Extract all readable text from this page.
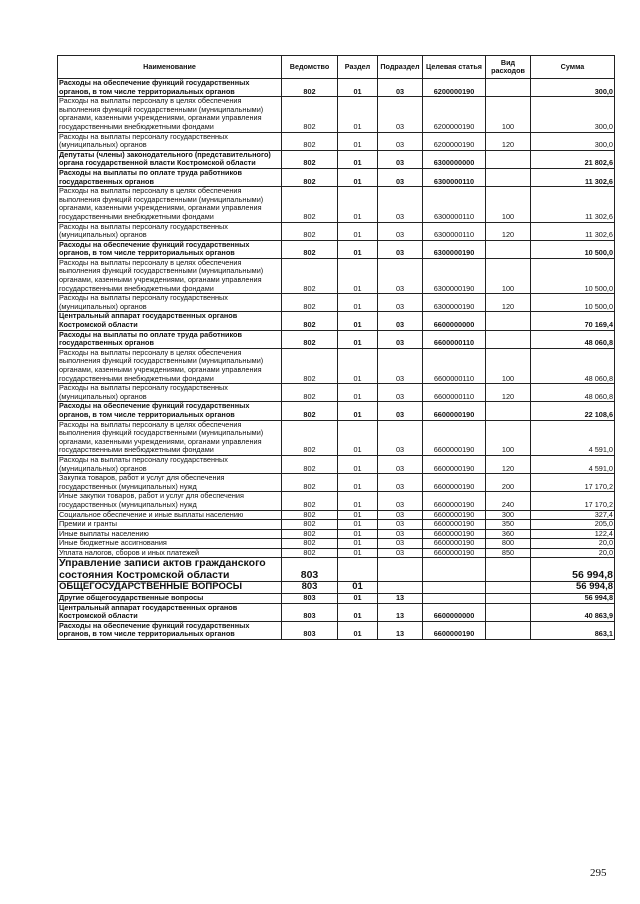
Наименование	Ведомство	Раздел	Подраздел	Целевая статья	Вид расходов	Сумма
Расходы на обеспечение функций государственных органов, в том числе территориальных органов	802	01	03	6200000190		300,0
Расходы на выплаты персоналу в целях обеспечения выполнения функций государственными (муниципальными) органами, казенными учреждениями, органами управления государственными внебюджетными фондами	802	01	03	6200000190	100	300,0
Расходы на выплаты персоналу государственных (муниципальных) органов	802	01	03	6200000190	120	300,0
Депутаты (члены) законодательного (представительного) органа государственной власти Костромской области	802	01	03	6300000000		21 802,6
Расходы на выплаты по оплате труда работников государственных органов	802	01	03	6300000110		11 302,6
Расходы на выплаты персоналу в целях обеспечения выполнения функций государственными (муниципальными) органами, казенными учреждениями, органами управления государственными внебюджетными фондами	802	01	03	6300000110	100	11 302,6
Расходы на выплаты персоналу государственных (муниципальных) органов	802	01	03	6300000110	120	11 302,6
Расходы на обеспечение функций государственных органов, в том числе территориальных органов	802	01	03	6300000190		10 500,0
Расходы на выплаты персоналу в целях обеспечения выполнения функций государственными (муниципальными) органами, казенными учреждениями, органами управления государственными внебюджетными фондами	802	01	03	6300000190	100	10 500,0
Расходы на выплаты персоналу государственных (муниципальных) органов	802	01	03	6300000190	120	10 500,0
Центральный аппарат государственных органов Костромской области	802	01	03	6600000000		70 169,4
Расходы на выплаты по оплате труда работников государственных органов	802	01	03	6600000110		48 060,8
Расходы на выплаты персоналу в целях обеспечения выполнения функций государственными (муниципальными) органами, казенными учреждениями, органами управления государственными внебюджетными фондами	802	01	03	6600000110	100	48 060,8
Расходы на выплаты персоналу государственных (муниципальных) органов	802	01	03	6600000110	120	48 060,8
Расходы на обеспечение функций государственных органов, в том числе территориальных органов	802	01	03	6600000190		22 108,6
Расходы на выплаты персоналу в целях обеспечения выполнения функций государственными (муниципальными) органами, казенными учреждениями, органами управления государственными внебюджетными фондами	802	01	03	6600000190	100	4 591,0
Расходы на выплаты персоналу государственных (муниципальных) органов	802	01	03	6600000190	120	4 591,0
Закупка товаров, работ и услуг для обеспечения государственных (муниципальных) нужд	802	01	03	6600000190	200	17 170,2
Иные закупки товаров, работ и услуг для обеспечения государственных (муниципальных) нужд	802	01	03	6600000190	240	17 170,2
Социальное обеспечение и иные выплаты населению	802	01	03	6600000190	300	327,4
Премии и гранты	802	01	03	6600000190	350	205,0
Иные выплаты населению	802	01	03	6600000190	360	122,4
Иные бюджетные ассигнования	802	01	03	6600000190	800	20,0
Уплата налогов, сборов и иных платежей	802	01	03	6600000190	850	20,0
Управление записи актов гражданского состояния Костромской области	803					56 994,8
ОБЩЕГОСУДАРСТВЕННЫЕ ВОПРОСЫ	803	01				56 994,8
Другие общегосударственные вопросы	803	01	13			56 994,8
Центральный аппарат государственных органов Костромской области	803	01	13	6600000000		40 863,9
Расходы на обеспечение функций государственных органов, в том числе территориальных органов	803	01	13	6600000190		863,1
295
